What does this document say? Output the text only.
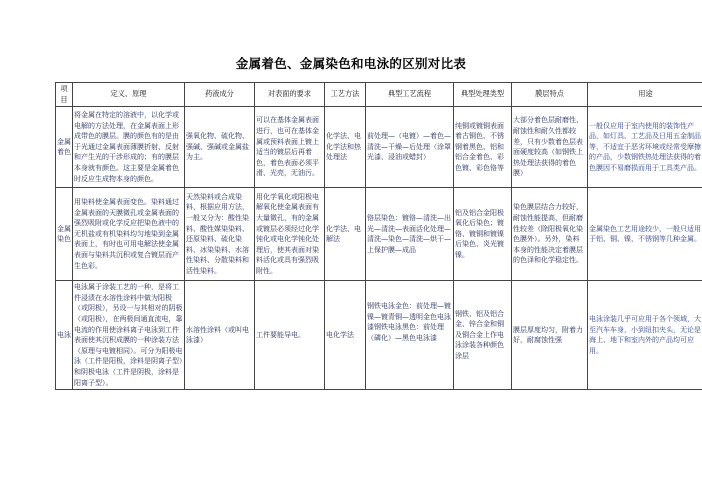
金属着色、金属染色和电泳的区别对比表
项目	定义、原理	药液成分	对表面的要求	工艺方法	典型工艺流程	典型处理类型	膜层特点	用途
金属着色	将金属在特定的溶液中，以化学或电解的方法处理，在金属表面上形成带色的膜层。膜的颜色有的是由于光通过金属表面薄膜折射、反射和产生光的干涉形成的；有的膜层本身就有颜色。这主要是金属着色时反应生成物本身的颜色。	强氧化物、硫化物、强碱、强碱或金属盐为主。	可以在基体金属表面进行，也可在基体金属或预料表面上镀上适当的镀层后再着色，着色表面必须平滑、光亮，无油污。	化学法、电化学法和热处理法	前处理—（电镀）—着色—清洗—干燥—后处理（涂罩光漆、浸油或蜡封）	纯铜或镀铜表面着古铜色、不锈钢着黑色、铝和铝合金着色、彩色镀、彩色铬等	大部分着色层耐磨性、耐蚀性和耐久性都较差，只有少数着色层表面硬度较高（如钢铁上热处理法获得的着色膜）	一般仅应用于室内使用的装饰性产品，如灯具、工艺品及日用五金制品等，不适宜于恶劣环境或经常受摩擦的产品，少数钢铁热处理法获得的着色膜因不易磨损而用于工具类产品。
金属染色	用染料使金属表面变色。染料通过金属表面的天膜微孔或金属表面的强烈吸附或化学反应把染色液中的无机盐或有机染料均匀地染到金属表面上，有时也可用电解法使金属表面与染料共沉积或复合镀层而产生色彩。	天然染料或合成染料，根据应用方法，一般又分为：酸性染料、酸性媒染染料、还原染料、硫化染料、冰染染料、水溶性染料、分散染料和活性染料。	用化学氧化或阳极电解氧化使金属表面有大量微孔，有的金属或镀层必须经过化学钝化或电化学钝化处理后，使其表面对染料活化或具有强烈吸附性。	化学法、电解法	铬层染色：镀铬—清洗—出光—清洗—表面活化处理—清洗—染色—清洗—烘干—上保护膜—成品	铝及铝合金阳极氧化后染色；镀铬、镀铜和镀镍后染色、炎光镀镍。	染色膜层结合力较好，耐蚀性能提高，但耐磨性较差（除阳极氧化染色膜外）。另外，染料本身的性能决定着膜层的色泽和化学稳定性。	金属染色工艺用途较少，一般只适用于铝、铜、镍、不锈钢等几种金属。
电泳	电泳属于涂装工艺的一种，是将工件浸渍在水溶性涂料中做为阳极（或阴极），另设一与其相对的阴极（或阳极），在两极间通直流电，靠电流的作用使涂料离子电泳到工件表面使其沉积成膜的一种涂装方法（原理与电镀相同）。可分为阳极电泳（工件是阳极，涂料是阴离子型）和阴极电泳（工件是阴极，涂料是阳离子型）。	水溶性涂料（或叫电泳漆）	工件要能导电。	电化学法	钢铁电泳金色：前处理—镀镍—镀青铜—透明金色电泳漆钢铁电泳黑色：前处理（磷化）—黑色电泳漆	钢铁、铝及铝合金、锌合金和铜及铜合金上作电泳涂装各种颜色涂层	膜层厚度均匀，附着力好，耐腐蚀性强	电泳涂装几乎可应用于各个领域，大至汽车车身，小到纽扣夹头，无论是海上、地下和室内外的产品均可应用。
